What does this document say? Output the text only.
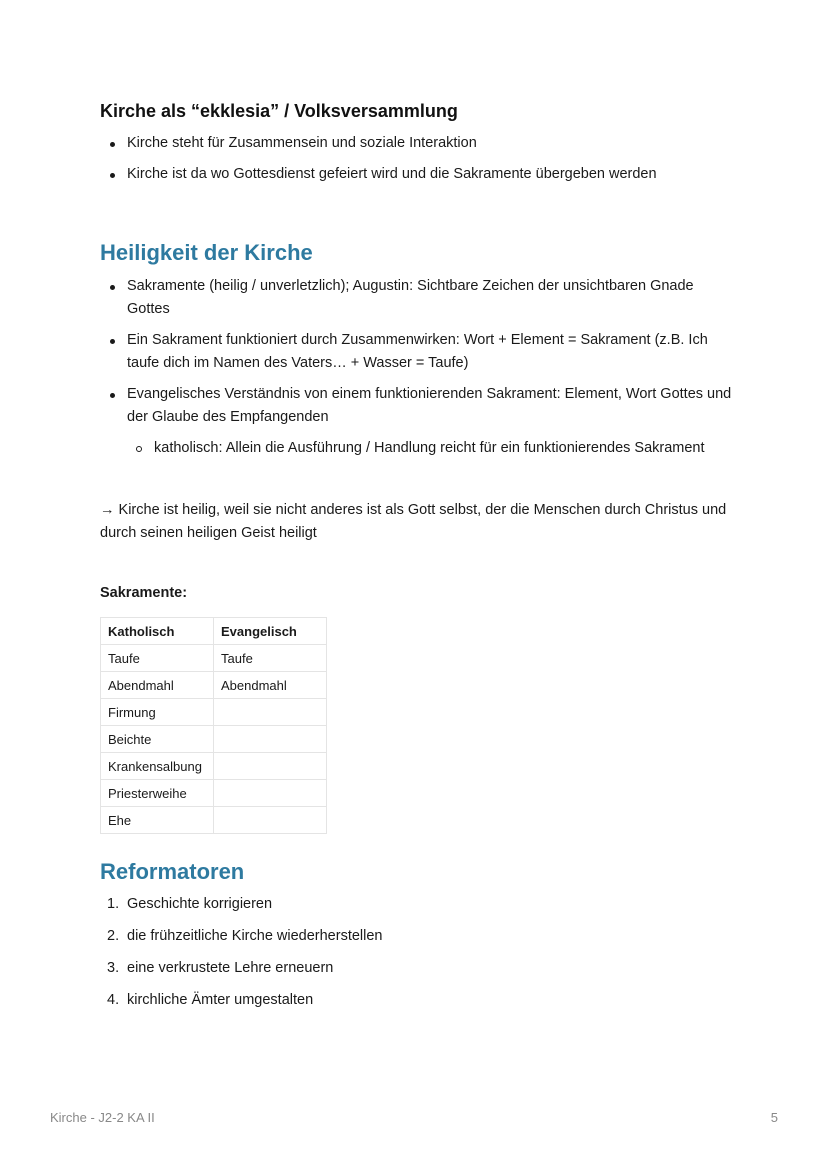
Kirche als “ekklesia” / Volksversammlung
Kirche steht für Zusammensein und soziale Interaktion
Kirche ist da wo Gottesdienst gefeiert wird und die Sakramente übergeben werden
Heiligkeit der Kirche
Sakramente (heilig / unverletzlich); Augustin: Sichtbare Zeichen der unsichtbaren Gnade Gottes
Ein Sakrament funktioniert durch Zusammenwirken: Wort + Element = Sakrament (z.B. Ich taufe dich im Namen des Vaters… + Wasser = Taufe)
Evangelisches Verständnis von einem funktionierenden Sakrament: Element, Wort Gottes und der Glaube des Empfangenden
katholisch: Allein die Ausführung / Handlung reicht für ein funktionierendes Sakrament

→ Kirche ist heilig, weil sie nicht anderes ist als Gott selbst, der die Menschen durch Christus und durch seinen heiligen Geist heiligt

Sakramente:

Katholisch	Evangelisch
Taufe	Taufe
Abendmahl	Abendmahl
Firmung	
Beichte	
Krankensalbung	
Priesterweihe	
Ehe	
Reformatoren
1. Geschichte korrigieren
2. die frühzeitliche Kirche wiederherstellen
3. eine verkrustete Lehre erneuern
4. kirchliche Ämter umgestalten
Kirche - J2-2 KA II	5
